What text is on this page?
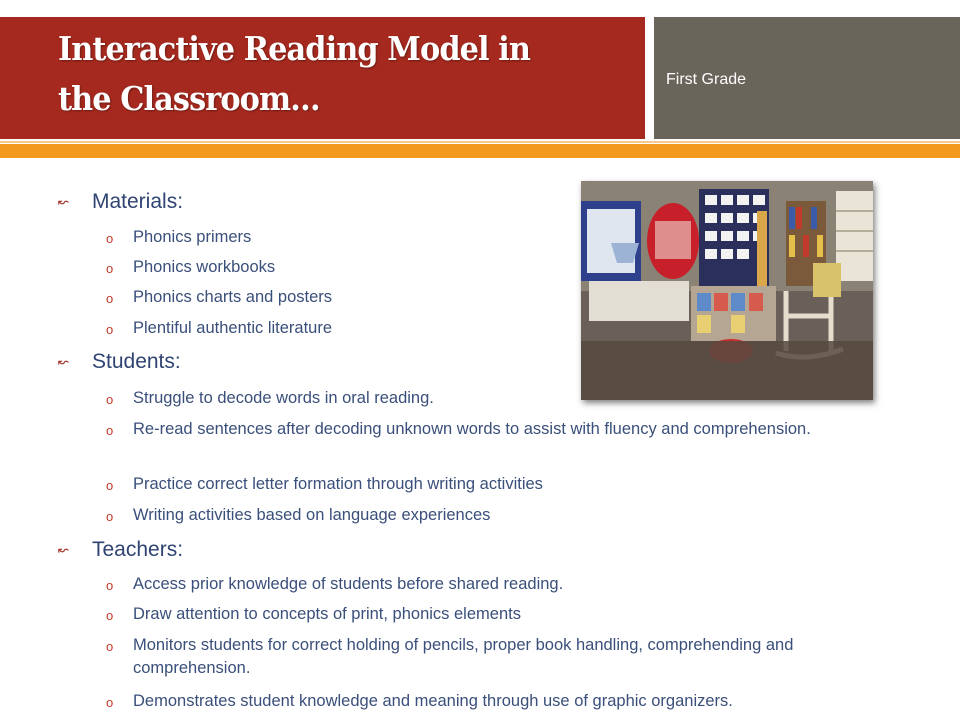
Interactive Reading Model in the Classroom…	First Grade
↜ Materials:
o Phonics primers
o Phonics workbooks
o Phonics charts and posters
o Plentiful authentic literature
↜ Students:
o Struggle to decode words in oral reading.
o Re-read sentences after decoding unknown words to assist with fluency and comprehension.
o Practice correct letter formation through writing activities
o Writing activities based on language experiences
↜ Teachers:
o Access prior knowledge of students before shared reading.
o Draw attention to concepts of print, phonics elements
o Monitors students for correct holding of pencils, proper book handling, comprehending and comprehension.
o Demonstrates student knowledge and meaning through use of graphic organizers.
